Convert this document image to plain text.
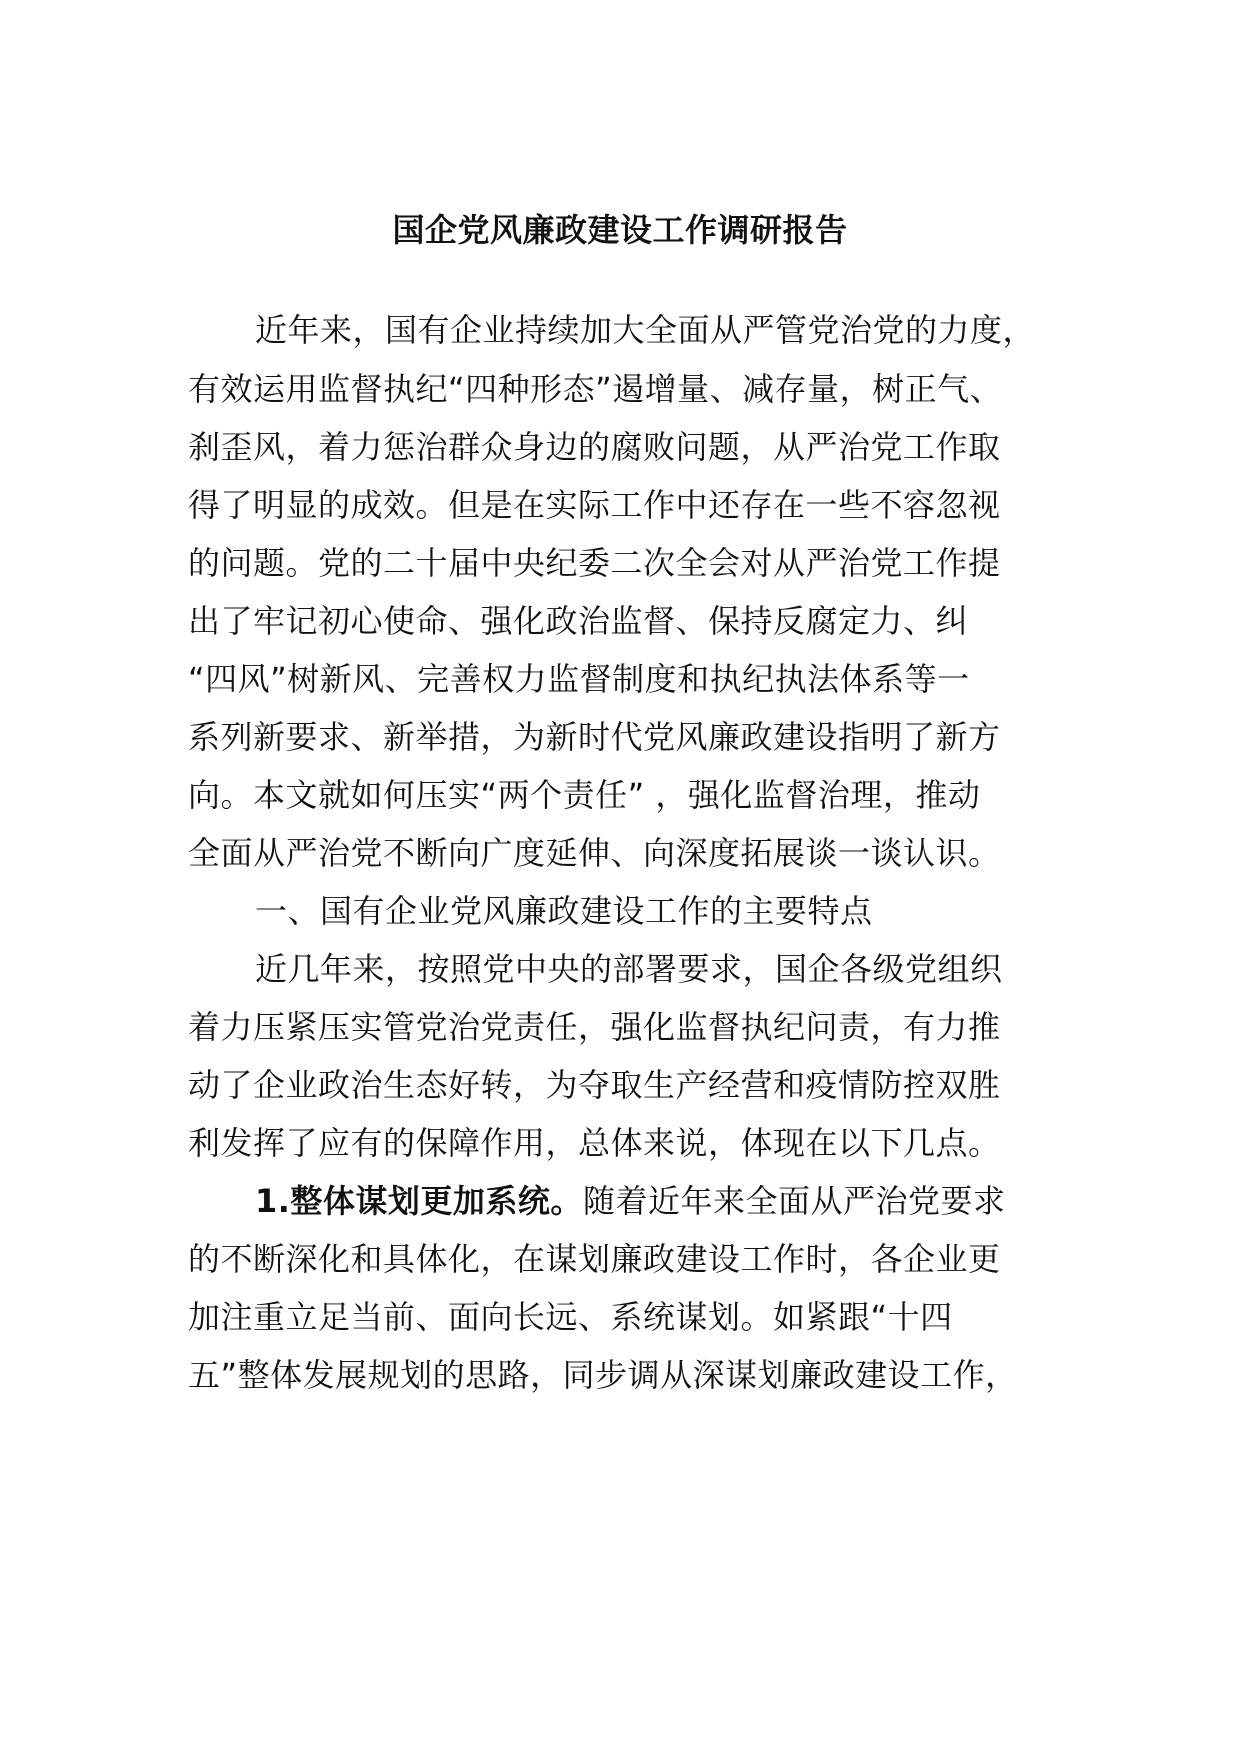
国企党风廉政建设工作调研报告
近年来，国有企业持续加大全面从严管党治党的力度，
有效运用监督执纪“四种形态”遏增量、减存量，树正气、
刹歪风，着力惩治群众身边的腐败问题，从严治党工作取
得了明显的成效。但是在实际工作中还存在一些不容忽视
的问题。党的二十届中央纪委二次全会对从严治党工作提
出了牢记初心使命、强化政治监督、保持反腐定力、纠
“四风”树新风、完善权力监督制度和执纪执法体系等一
系列新要求、新举措，为新时代党风廉政建设指明了新方
向。本文就如何压实“两个责任” ，强化监督治理，推动
全面从严治党不断向广度延伸、向深度拓展谈一谈认识。
一、国有企业党风廉政建设工作的主要特点
近几年来，按照党中央的部署要求，国企各级党组织
着力压紧压实管党治党责任，强化监督执纪问责，有力推
动了企业政治生态好转，为夺取生产经营和疫情防控双胜
利发挥了应有的保障作用，总体来说，体现在以下几点。
1.整体谋划更加系统。随着近年来全面从严治党要求
的不断深化和具体化，在谋划廉政建设工作时，各企业更
加注重立足当前、面向长远、系统谋划。如紧跟“十四
五”整体发展规划的思路，同步调从深谋划廉政建设工作，
